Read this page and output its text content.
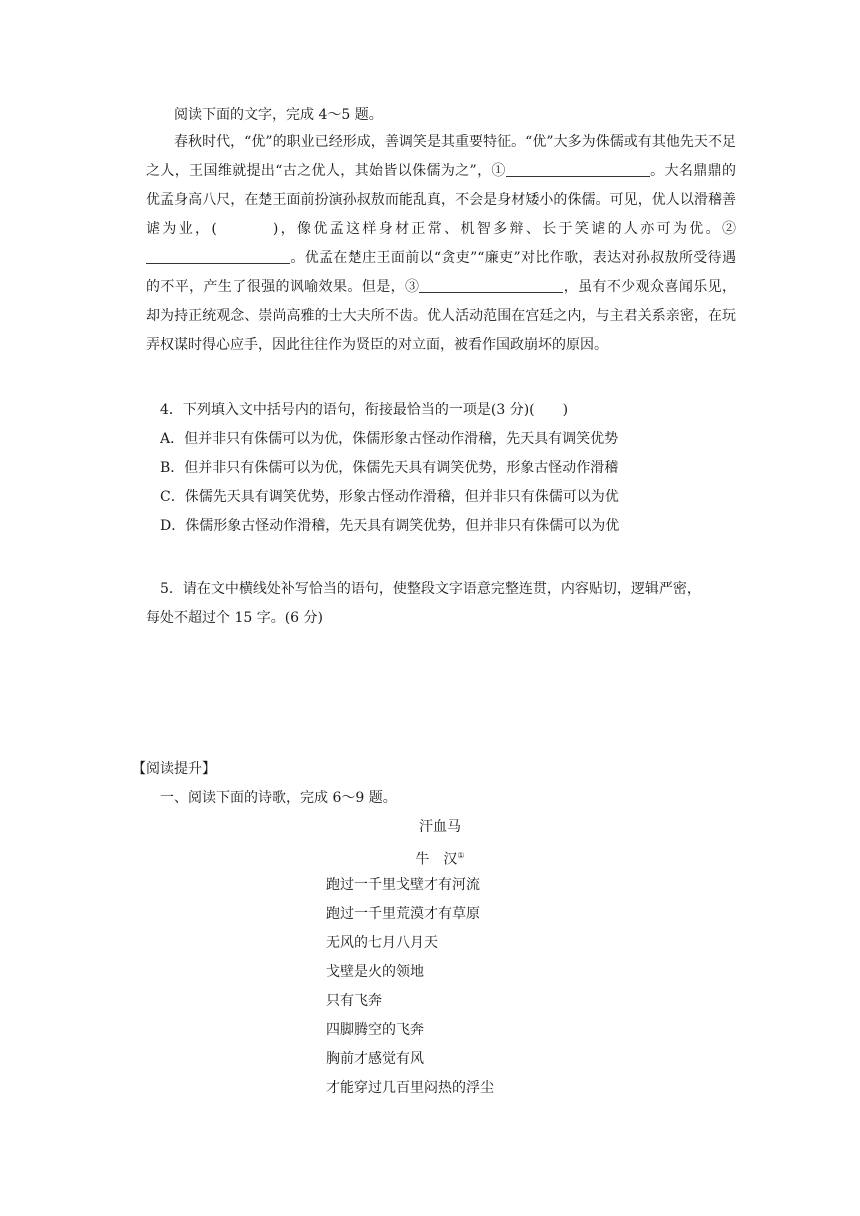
阅读下面的文字，完成 4～5 题。
春秋时代，“优”的职业已经形成，善调笑是其重要特征。“优”大多为侏儒或有其他先天不足之人，王国维就提出“古之优人，其始皆以侏儒为之”，①	。大名鼎鼎的优孟身高八尺，在楚王面前扮演孙叔敖而能乱真，不会是身材矮小的侏儒。可见，优人以滑稽善谑为业，(	)，像优孟这样身材正常、机智多辩、长于笑谑的人亦可为优。②。优孟在楚庄王面前以“贪吏”“廉吏”对比作歌，表达对孙叔敖所受待遇的不平，产生了很强的讽喻效果。但是，③	，虽有不少观众喜闻乐见，却为持正统观念、崇尚高雅的士大夫所不齿。优人活动范围在宫廷之内，与主君关系亲密，在玩弄权谋时得心应手，因此往往作为贤臣的对立面，被看作国政崩坏的原因。
4．下列填入文中括号内的语句，衔接最恰当的一项是(3 分)(　　)
A．但并非只有侏儒可以为优，侏儒形象古怪动作滑稽，先天具有调笑优势
B．但并非只有侏儒可以为优，侏儒先天具有调笑优势，形象古怪动作滑稽
C．侏儒先天具有调笑优势，形象古怪动作滑稽，但并非只有侏儒可以为优
D．侏儒形象古怪动作滑稽，先天具有调笑优势，但并非只有侏儒可以为优
5．请在文中横线处补写恰当的语句，使整段文字语意完整连贯，内容贴切，逻辑严密，
每处不超过个 15 字。(6 分)
【阅读提升】
一、阅读下面的诗歌，完成 6～9 题。
汗血马
牛　汉①
跑过一千里戈壁才有河流
跑过一千里荒漠才有草原
无风的七月八月天
戈壁是火的领地
只有飞奔
四脚腾空的飞奔
胸前才感觉有风
才能穿过几百里闷热的浮尘
